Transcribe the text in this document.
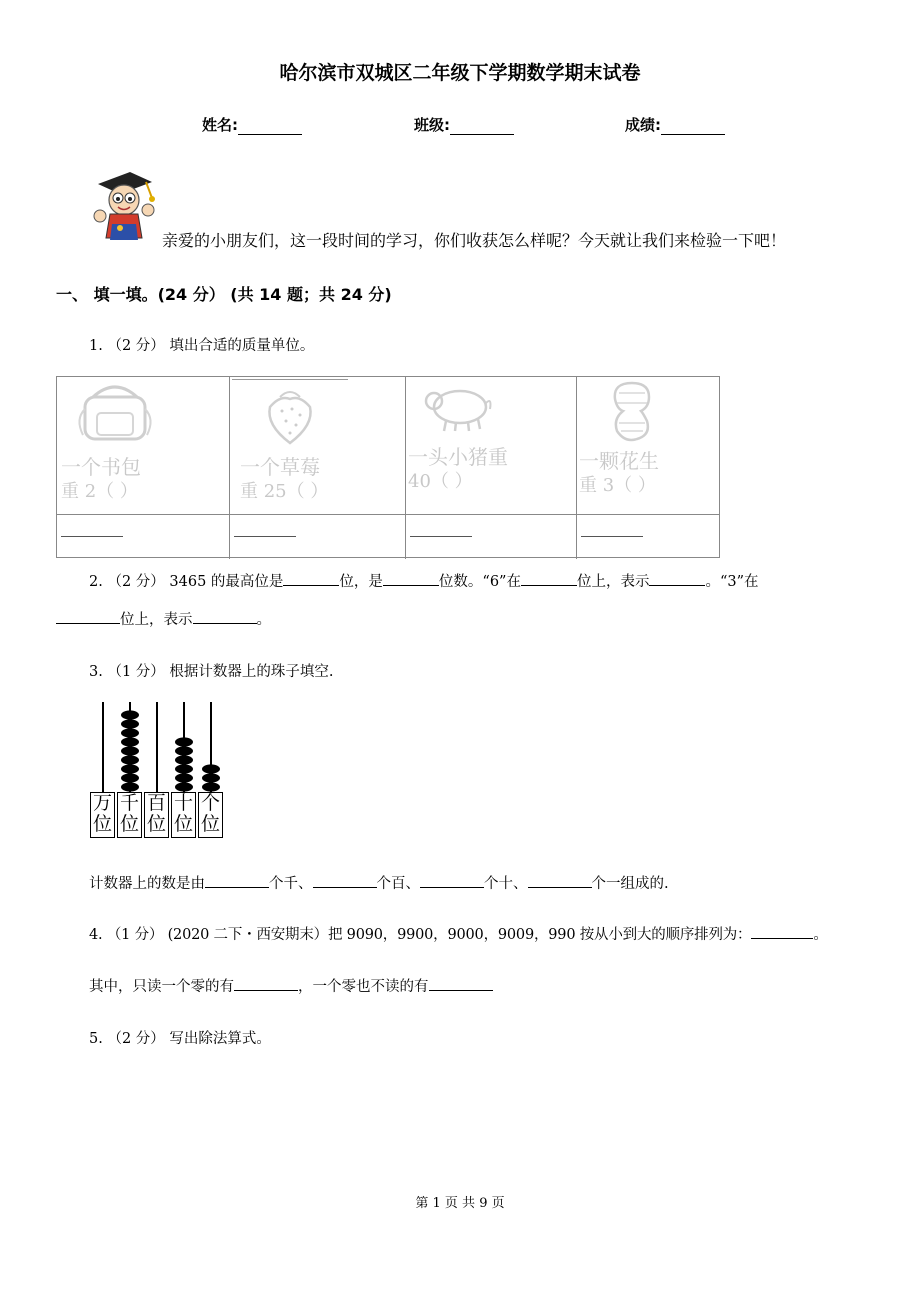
哈尔滨市双城区二年级下学期数学期末试卷
姓名:	班级:	成绩:
亲爱的小朋友们，这一段时间的学习，你们收获怎么样呢？今天就让我们来检验一下吧！
一、 填一填。(24 分） (共 14 题；共 24 分)
1. （2 分） 填出合适的质量单位。
一个书包
重 2（ ）
一个草莓
重 25（ ）
一头小猪重
40（ ）
一颗花生
重 3（ ）
2. （2 分） 3465 的最高位是	位，是	位数。“6”在	位上，表示	。“3”在
位上，表示	。
3. （1 分） 根据计数器上的珠子填空.
万
位
千
位
百
位
十
位
个
位
计数器上的数是由	个千、	个百、	个十、	个一组成的.
4. （1 分） (2020 二下・西安期末）把 9090，9900，9000，9009，990 按从小到大的顺序排列为：	。
其中，只读一个零的有	，一个零也不读的有
5. （2 分） 写出除法算式。
第 1 页 共 9 页
